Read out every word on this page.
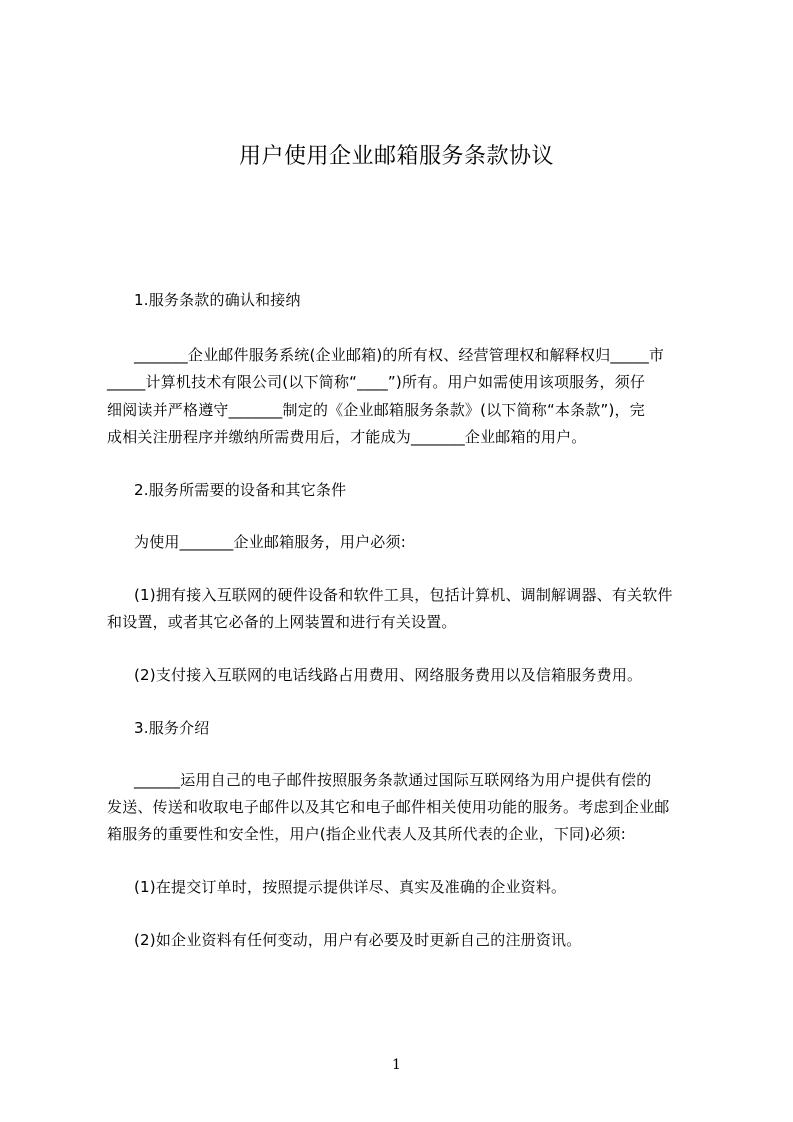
用户使用企业邮箱服务条款协议
1.服务条款的确认和接纳
_______企业邮件服务系统(企业邮箱)的所有权、经营管理权和解释权归_____市
_____计算机技术有限公司(以下简称“____”)所有。用户如需使用该项服务，须仔
细阅读并严格遵守_______制定的《企业邮箱服务条款》(以下简称“本条款”)，完
成相关注册程序并缴纳所需费用后，才能成为_______企业邮箱的用户。
2.服务所需要的设备和其它条件
为使用_______企业邮箱服务，用户必须:
(1)拥有接入互联网的硬件设备和软件工具，包括计算机、调制解调器、有关软件
和设置，或者其它必备的上网装置和进行有关设置。
(2)支付接入互联网的电话线路占用费用、网络服务费用以及信箱服务费用。
3.服务介绍
______运用自己的电子邮件按照服务条款通过国际互联网络为用户提供有偿的
发送、传送和收取电子邮件以及其它和电子邮件相关使用功能的服务。考虑到企业邮
箱服务的重要性和安全性，用户(指企业代表人及其所代表的企业，下同)必须:
(1)在提交订单时，按照提示提供详尽、真实及准确的企业资料。
(2)如企业资料有任何变动，用户有必要及时更新自己的注册资讯。
1
